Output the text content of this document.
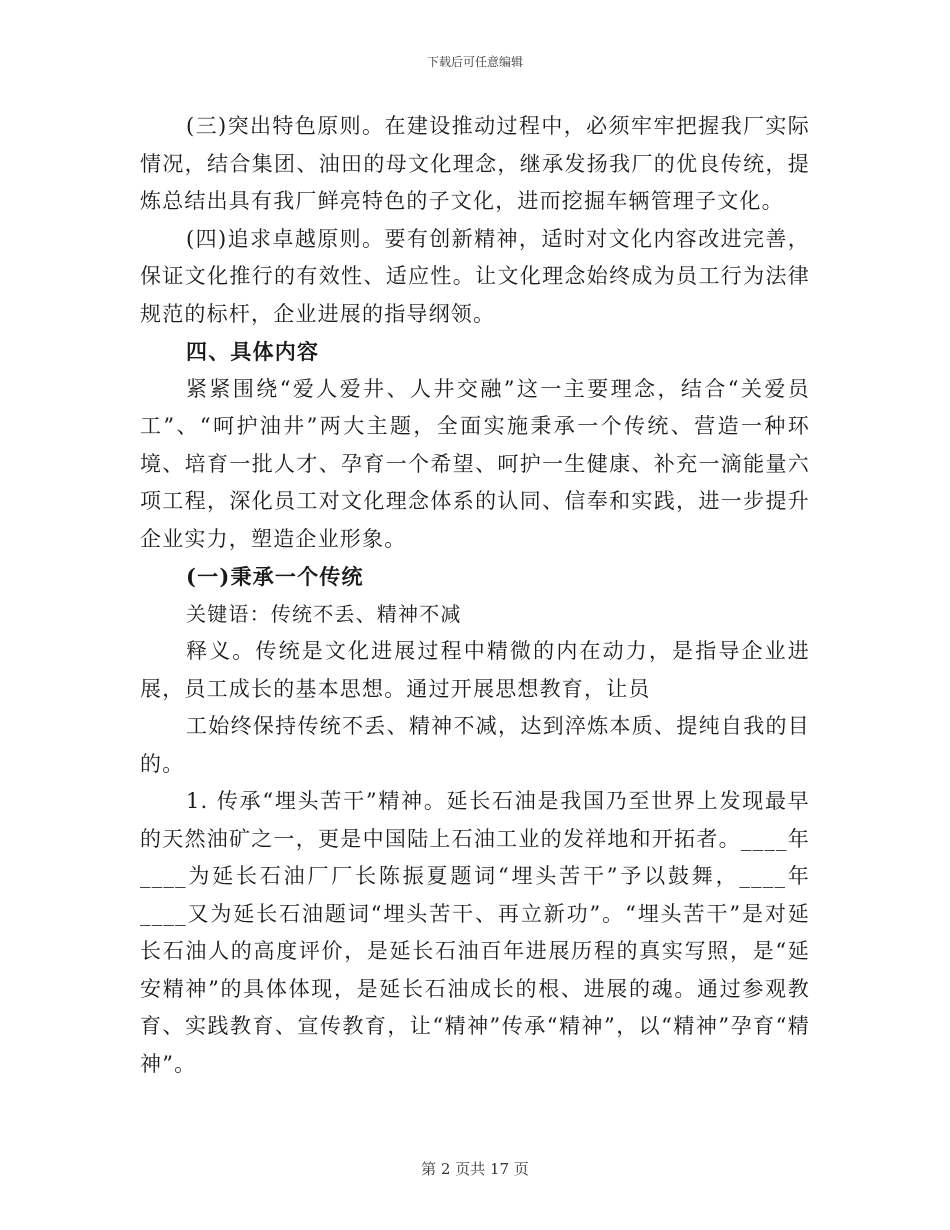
下载后可任意编辑

(三)突出特色原则。在建设推动过程中，必须牢牢把握我厂实际情况，结合集团、油田的母文化理念，继承发扬我厂的优良传统，提炼总结出具有我厂鲜亮特色的子文化，进而挖掘车辆管理子文化。

(四)追求卓越原则。要有创新精神，适时对文化内容改进完善，保证文化推行的有效性、适应性。让文化理念始终成为员工行为法律规范的标杆，企业进展的指导纲领。

四、具体内容

紧紧围绕“爱人爱井、人井交融”这一主要理念，结合“关爱员工”、“呵护油井”两大主题，全面实施秉承一个传统、营造一种环境、培育一批人才、孕育一个希望、呵护一生健康、补充一滴能量六项工程，深化员工对文化理念体系的认同、信奉和实践，进一步提升企业实力，塑造企业形象。

(一)秉承一个传统

关键语：传统不丢、精神不减

释义。传统是文化进展过程中精微的内在动力，是指导企业进展，员工成长的基本思想。通过开展思想教育，让员

工始终保持传统不丢、精神不减，达到淬炼本质、提纯自我的目的。

1. 传承“埋头苦干”精神。延长石油是我国乃至世界上发现最早的天然油矿之一，更是中国陆上石油工业的发祥地和开拓者。____年____为延长石油厂厂长陈振夏题词“埋头苦干”予以鼓舞，____年____又为延长石油题词“埋头苦干、再立新功”。“埋头苦干”是对延长石油人的高度评价，是延长石油百年进展历程的真实写照，是“延安精神”的具体体现，是延长石油成长的根、进展的魂。通过参观教育、实践教育、宣传教育，让“精神”传承“精神”，以“精神”孕育“精神”。

第 2 页共 17 页
